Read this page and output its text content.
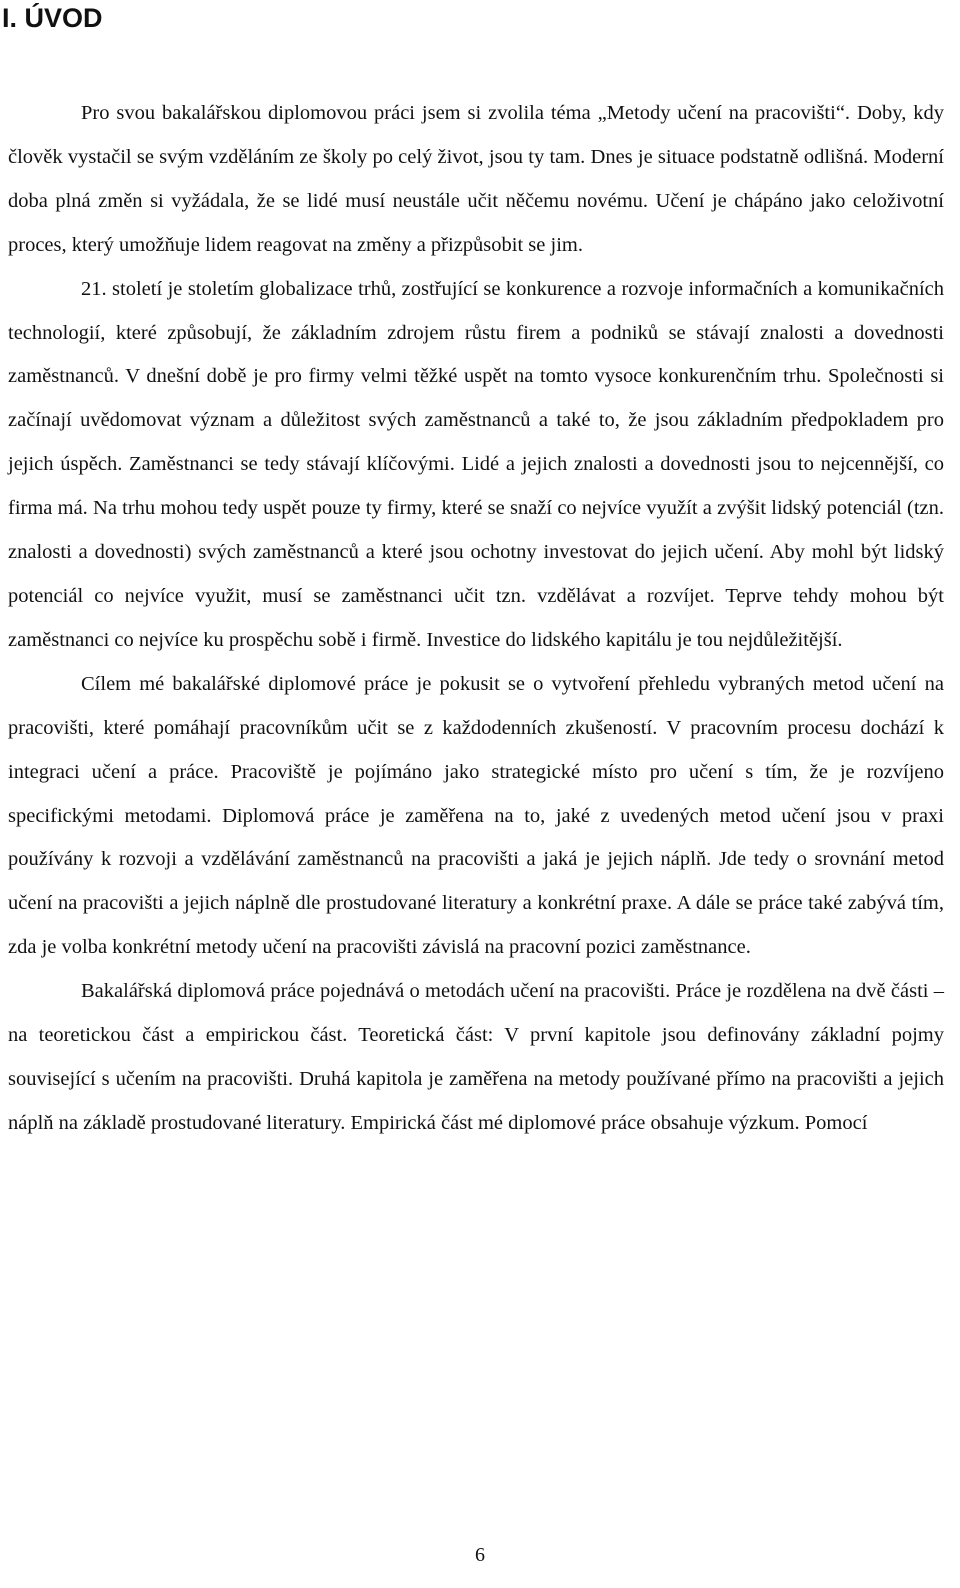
I. ÚVOD

Pro svou bakalářskou diplomovou práci jsem si zvolila téma „Metody učení na pracovišti“. Doby, kdy člověk vystačil se svým vzděláním ze školy po celý život, jsou ty tam. Dnes je situace podstatně odlišná. Moderní doba plná změn si vyžádala, že se lidé musí neustále učit něčemu novému. Učení je chápáno jako celoživotní proces, který umožňuje lidem reagovat na změny a přizpůsobit se jim.

21. století je stoletím globalizace trhů, zostřující se konkurence a rozvoje informačních a komunikačních technologií, které způsobují, že základním zdrojem růstu firem a podniků se stávají znalosti a dovednosti zaměstnanců. V dnešní době je pro firmy velmi těžké uspět na tomto vysoce konkurenčním trhu. Společnosti si začínají uvědomovat význam a důležitost svých zaměstnanců a také to, že jsou základním předpokladem pro jejich úspěch. Zaměstnanci se tedy stávají klíčovými. Lidé a jejich znalosti a dovednosti jsou to nejcennější, co firma má. Na trhu mohou tedy uspět pouze ty firmy, které se snaží co nejvíce využít a zvýšit lidský potenciál (tzn. znalosti a dovednosti) svých zaměstnanců a které jsou ochotny investovat do jejich učení. Aby mohl být lidský potenciál co nejvíce využit, musí se zaměstnanci učit tzn. vzdělávat a rozvíjet. Teprve tehdy mohou být zaměstnanci co nejvíce ku prospěchu sobě i firmě. Investice do lidského kapitálu je tou nejdůležitější.

Cílem mé bakalářské diplomové práce je pokusit se o vytvoření přehledu vybraných metod učení na pracovišti, které pomáhají pracovníkům učit se z každodenních zkušeností. V pracovním procesu dochází k integraci učení a práce. Pracoviště je pojímáno jako strategické místo pro učení s tím, že je rozvíjeno specifickými metodami. Diplomová práce je zaměřena na to, jaké z uvedených metod učení jsou v praxi používány k rozvoji a vzdělávání zaměstnanců na pracovišti a jaká je jejich náplň. Jde tedy o srovnání metod učení na pracovišti a jejich náplně dle prostudované literatury a konkrétní praxe. A dále se práce také zabývá tím, zda je volba konkrétní metody učení na pracovišti závislá na pracovní pozici zaměstnance.

Bakalářská diplomová práce pojednává o metodách učení na pracovišti. Práce je rozdělena na dvě části – na teoretickou část a empirickou část. Teoretická část: V první kapitole jsou definovány základní pojmy související s učením na pracovišti. Druhá kapitola je zaměřena na metody používané přímo na pracovišti a jejich náplň na základě prostudované literatury. Empirická část mé diplomové práce obsahuje výzkum. Pomocí

6
